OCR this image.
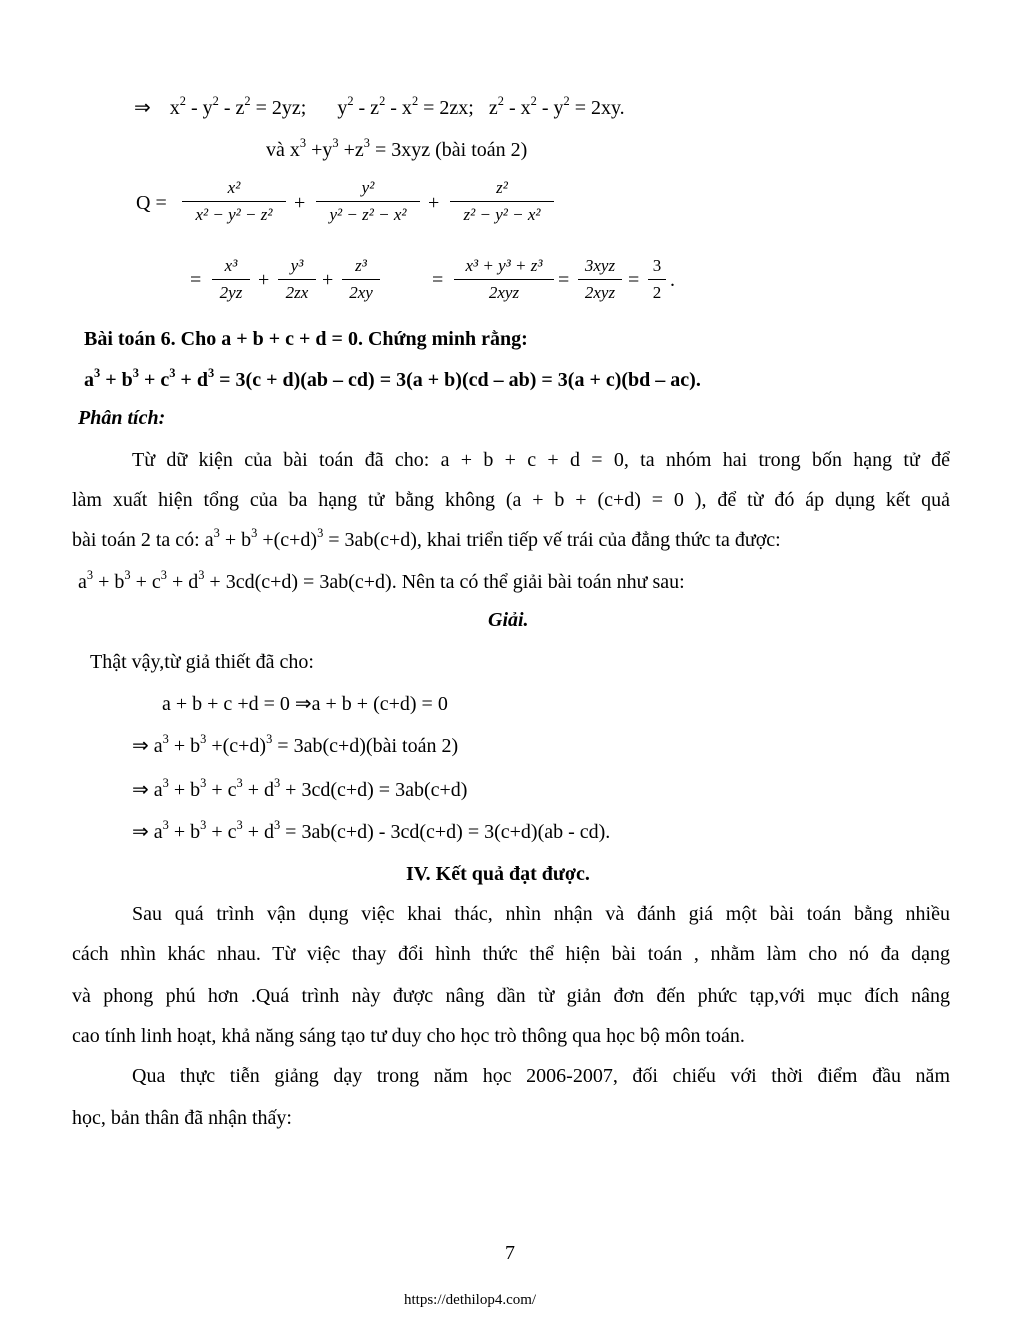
⇒ $x^2 - y^2 - z^2 = 2yz$; $y^2 - z^2 - x^2 = 2zx$; $z^2 - x^2 - y^2 = 2xy$.
và $x^3 +y^3 +z^3 = 3xyz$ (bài toán 2)
$Q = \frac{\text{x²}}{\text{x² − y² − z²}} + \frac{\text{y²}}{\text{y² − z² − x²}} + \frac{\text{z²}}{\text{z² − y² − x²}}$
= $\frac{\text{x³}}{2yz} + \frac{\text{y³}}{2zx} + \frac{\text{z³}}{2xy}$	=
x³ + y³ + z³
2xyz
=
3xyz
2xyz
= $\frac{3}{2}$ .
Bài toán 6. Cho a + b + c + d = 0. Chứng minh rằng:
$a^3 + b^3 + c^3 + d^3 = 3(c + d)(ab - cd) = 3(a + b)(cd - ab) = 3(a + c)(bd - ac)$.
Phân tích:
Từ dữ kiện của bài toán đã cho: a + b + c + d = 0, ta nhóm hai trong bốn hạng tử để
làm xuất hiện tổng của ba hạng tử bằng không (a + b + (c+d) = 0 ), để từ đó áp dụng kết quả
bài toán 2 ta có: $a^3 + b^3 +(c+d)^3 = 3ab(c+d)$, khai triển tiếp vế trái của đẳng thức ta được:
$a^3 + b^3 + c^3 + d^3 + 3cd(c+d) = 3ab(c+d)$. Nên ta có thể giải bài toán như sau:
Giải.
Thật vậy,từ giả thiết đã cho:
a + b + c +d = 0 ⇒a + b + (c+d) = 0
⇒ $a^3 + b^3 +(c+d)^3$ = 3ab(c+d)(bài toán 2)
⇒ $a^3 + b^3 + c^3 + d^3 + 3cd(c+d) = 3ab(c+d)$
⇒ $a^3 + b^3 + c^3 + d^3 = 3ab(c+d) - 3cd(c+d) = 3(c+d)(ab - cd)$.
IV. Kết quả đạt được.
Sau quá trình vận dụng việc khai thác, nhìn nhận và đánh giá một bài toán bằng nhiều
cách nhìn khác nhau. Từ việc thay đổi hình thức thể hiện bài toán , nhằm làm cho nó đa dạng
và phong phú hơn .Quá trình này được nâng dần từ giản đơn đến phức tạp,với mục đích nâng
cao tính linh hoạt, khả năng sáng tạo tư duy cho học trò thông qua học bộ môn toán.
Qua thực tiễn giảng dạy trong năm học 2006-2007, đối chiếu với thời điểm đầu năm
học, bản thân đã nhận thấy:
7
https://dethilop4.com/
